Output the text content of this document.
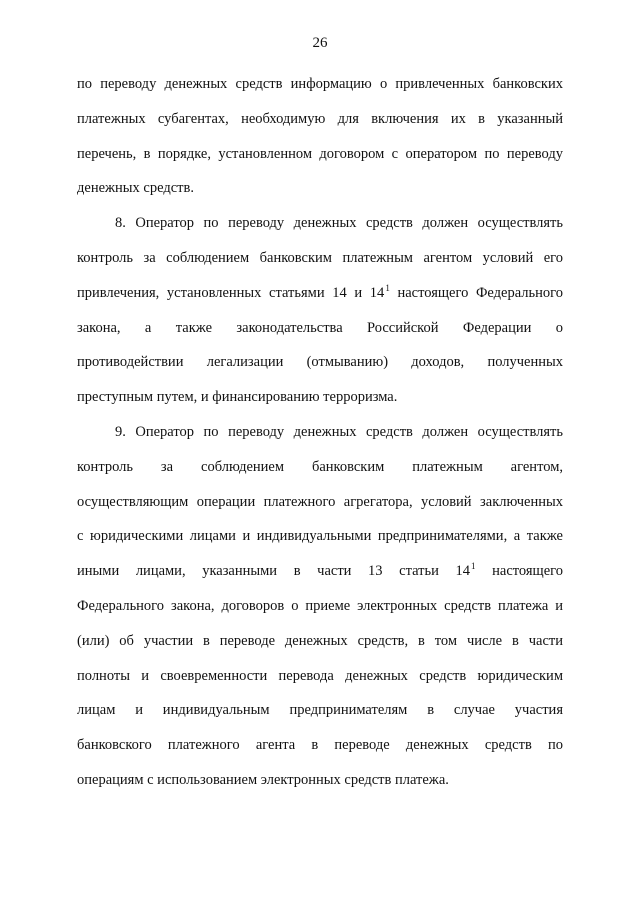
26
по переводу денежных средств информацию о привлеченных банковских
платежных субагентах, необходимую для включения их в указанный
перечень, в порядке, установленном договором с оператором по переводу
денежных средств.
8. Оператор по переводу денежных средств должен осуществлять
контроль за соблюдением банковским платежным агентом условий его
привлечения, установленных статьями 14 и $14^1$ настоящего Федерального
закона, а также законодательства Российской Федерации о
противодействии легализации (отмыванию) доходов, полученных
преступным путем, и финансированию терроризма.
9. Оператор по переводу денежных средств должен осуществлять
контроль за соблюдением банковским платежным агентом,
осуществляющим операции платежного агрегатора, условий заключенных
с юридическими лицами и индивидуальными предпринимателями, а также
иными лицами, указанными в части 13 статьи $14^1$ настоящего
Федерального закона, договоров о приеме электронных средств платежа и
(или) об участии в переводе денежных средств, в том числе в части
полноты и своевременности перевода денежных средств юридическим
лицам и индивидуальным предпринимателям в случае участия
банковского платежного агента в переводе денежных средств по
операциям с использованием электронных средств платежа.
